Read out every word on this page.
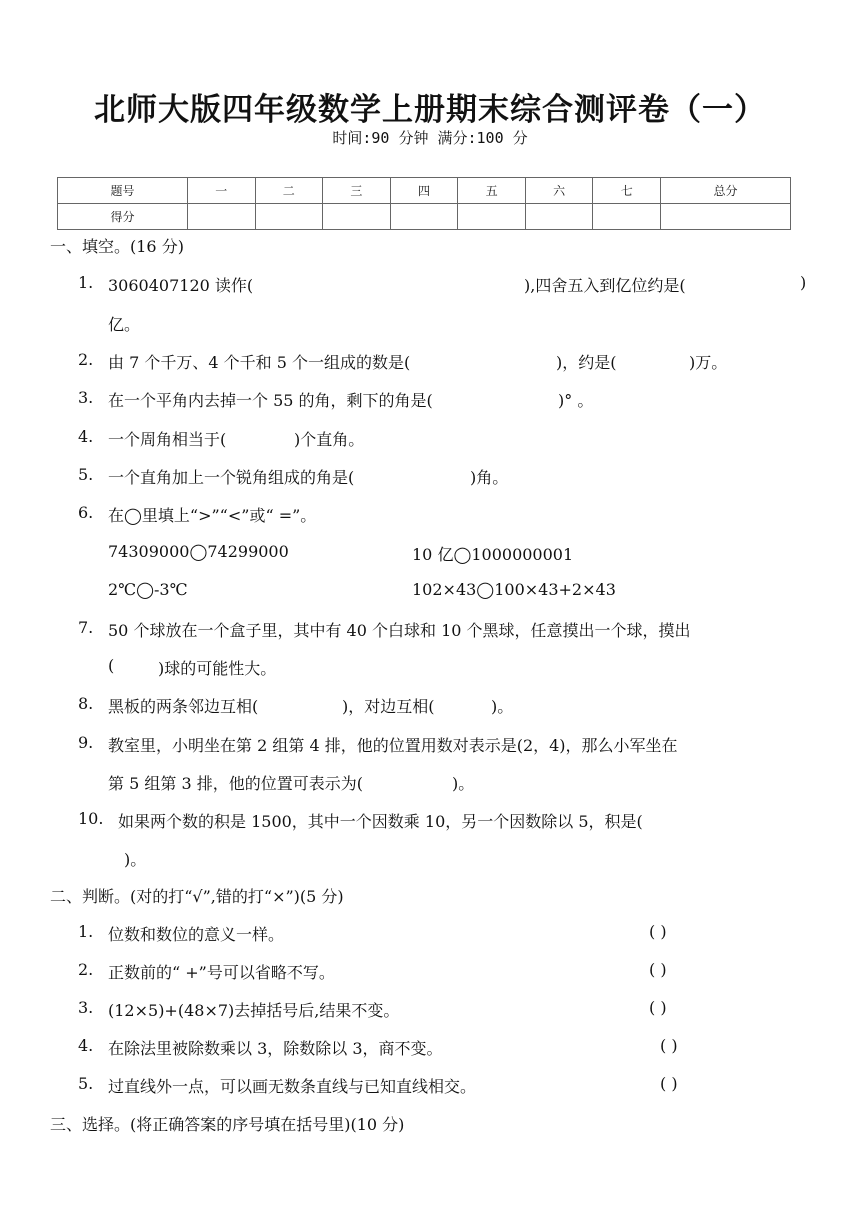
北师大版四年级数学上册期末综合测评卷（一）
时间:90 分钟 满分:100 分
题号	一	二	三	四	五	六	七	总分
得分								
一、填空。(16 分)
1. 3060407120 读作(	),四舍五入到亿位约是(	)
亿。
2. 由 7 个千万、4 个千和 5 个一组成的数是(	)，约是(	)万。
3. 在一个平角内去掉一个 55 的角，剩下的角是(	)° 。
4. 一个周角相当于(	)个直角。
5. 一个直角加上一个锐角组成的角是(	)角。
6. 在◯里填上“>”“<”或“ =”。
74309000◯74299000	10 亿◯1000000001
2℃◯-3℃	102×43◯100×43+2×43
7. 50 个球放在一个盒子里，其中有 40 个白球和 10 个黑球，任意摸出一个球，摸出
(	)球的可能性大。
8. 黑板的两条邻边互相(	)，对边互相(	)。
9. 教室里，小明坐在第 2 组第 4 排，他的位置用数对表示是(2，4)，那么小军坐在
第 5 组第 3 排，他的位置可表示为(	)。
10. 如果两个数的积是 1500，其中一个因数乘 10，另一个因数除以 5，积是(
)。
二、判断。(对的打“√”,错的打“×”)(5 分)
1. 位数和数位的意义一样。	( )
2. 正数前的“ +”号可以省略不写。	( )
3. (12×5)+(48×7)去掉括号后,结果不变。	( )
4. 在除法里被除数乘以 3，除数除以 3，商不变。	( )
5. 过直线外一点，可以画无数条直线与已知直线相交。	( )
三、选择。(将正确答案的序号填在括号里)(10 分)
